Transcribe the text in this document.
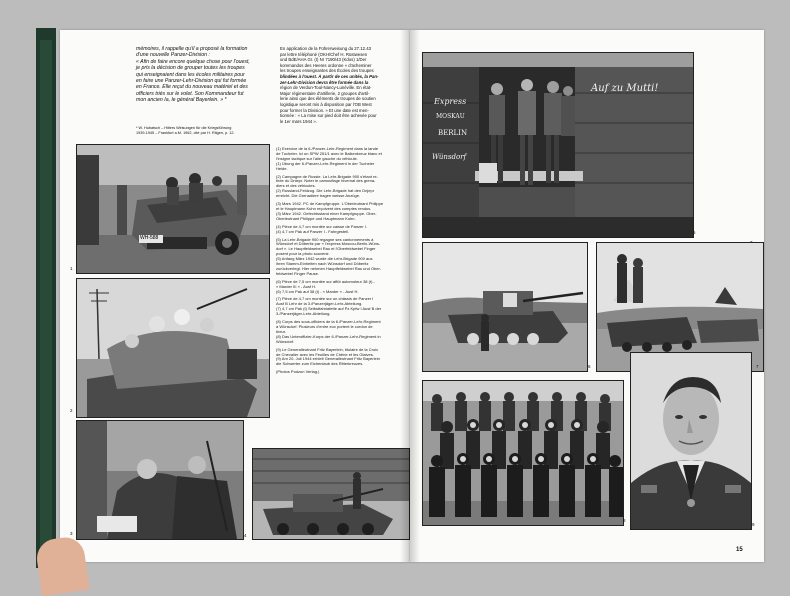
mémoires, il rappelle qu'il a proposé la formation
d'une nouvelle Panzer-Division :
« Afin de faire encore quelque chose pour l'ouest,
je pris la décision de grouper toutes les troupes
qui enseignaient dans les écoles militaires pour
en faire une Panzer-Lehr-Division qui fut formée
en France. Elle reçut du nouveau matériel et des
officiers triés sur le volet. Son Kommandeur fut
mon ancien Ia, le général Bayerlein. » *
* W. Hubatsch – Hitlers Weisungen für die Kriegsführung
1939-1945 – Frankfurt a.M. 1962, cité par H. Ritgen, p. 12.
En application de la Führerweisung du 27.12.43
par lettre téléphoné (OKH/Chef H. Rüstwesen
und BdE/AHA Gr. (I) Nr 7190/43 (Kdos) 1/Der
kommandos des Heeres ordonne « d'acheminer
les troupes enseignantes des Écoles des troupes
blindées à l'ouest. À partir de ces unités, la Pan-
zer-Lehr-Division devra être formée dans la
région de Verdun-Toul-Nancy-Lunéville. En état-
Major régimentaire d'artillerie, 2 groupes d'artil-
lerie ainsi que des éléments de troupes de soutien
logistique seront mis à disposition par l'OB West
pour former la Division. » Et une date est men-
tionnée : « La mise sur pied doit être achevée pour
le 1er mars 1944 ».
WH-588
1
2
3	4
(1) Exercice de la 6./Panzer-Lehr-Regiment dans la lande
de Tucheler. Ici un SPW 251/1 avec le Balkenkreuz blanc et
l'insigne tactique sur l'aile gauche du véhicule.
(1) Übung der 6./Panzer-Lehr-Regiment in der Tucheler
Heide.
(2) Campagne de Russie. La Lehr-Brigade 900 s'étant re-
tirée du Dniepr. Noter le camouflage hivernal des grena-
diers et des véhicules.
(2) Russland-Feldzug. Die Lehr-Brigade hat den Dnjepr
erreicht. Die Grenadiere tragen weisse Anzüge.
(3) Mars 1942. PC de Kampfgruppe. L'Oberleutnant Philippe
et le Hauptmann Kuhn reçoivent des comptes rendus.
(3) März 1942. Gefechtsstand einer Kampfgruppe. Ober-
Oberleutnant Philippe und Hauptmann Kuhn.
(4) Pièce de 4,7 cm montée sur caisse de Panzer I.
(4) 4,7 cm Pak auf Panzer I - Fahrgestell.
(5) La Lehr-Brigade 900 regagne ses cantonnements à
Wünsdorf et Döberitz par « l'express Moscou-Berlin-Wüns-
dorf ». Le Hauptfeldwebel Rau et l'Oberfeldwebel Finger
posent pour la photo souvenir.
(5) Anfang März 1942 wurde die Lehr-Brigade 900 aus
ihren Stamm-Einheiten nach Wünsdorf und Döberitz
zurückverlegt. Hier nehmen Hauptfeldwebel Rau und Ober-
feldwebel Finger Pause.
(6) Pièce de 7,5 cm montée sur affût automoteur 38 (t) -
« Marder III » - Ausf H.
(6) 7,5 cm Pak auf 38 (t) - « Marder » - Ausf H.
(7) Pièce de 4,7 cm montée sur un châssis de Panzer I
Ausf B Lehr de la 3./Panzerjäger-Lehr-Abteilung.
(7) 4,7 cm Pak (t) Selbstfahrlafette auf Pz Kpfw I Ausf B der
3./Panzerjäger-Lehr-Abteilung.
(8) Corps des sous-officiers de la 6./Panzer-Lehr-Regiment
à Wünsdorf. Plusieurs d'entre eux portent le cordon de
tireur.
(8) Das Unteroffizier-Korps der 6./Panzer-Lehr-Regiment in
Wünsdorf.
(9) Le Generalleutnant Fritz Bayerlein, titulaire de la Croix
de Chevalier avec les Feuilles de Chêne et les Glaives.
(9) Am 20. Juli 1944 erhielt Generalleutnant Fritz Bayerlein
die Schwerter zum Eichenlaub des Ritterkreuzes.
(Photos Podzun Verlag.)
Express
MOSKAU
BERLIN
Wünsdorf
Auf zu Mutti!
5
6	7
8
9
15
